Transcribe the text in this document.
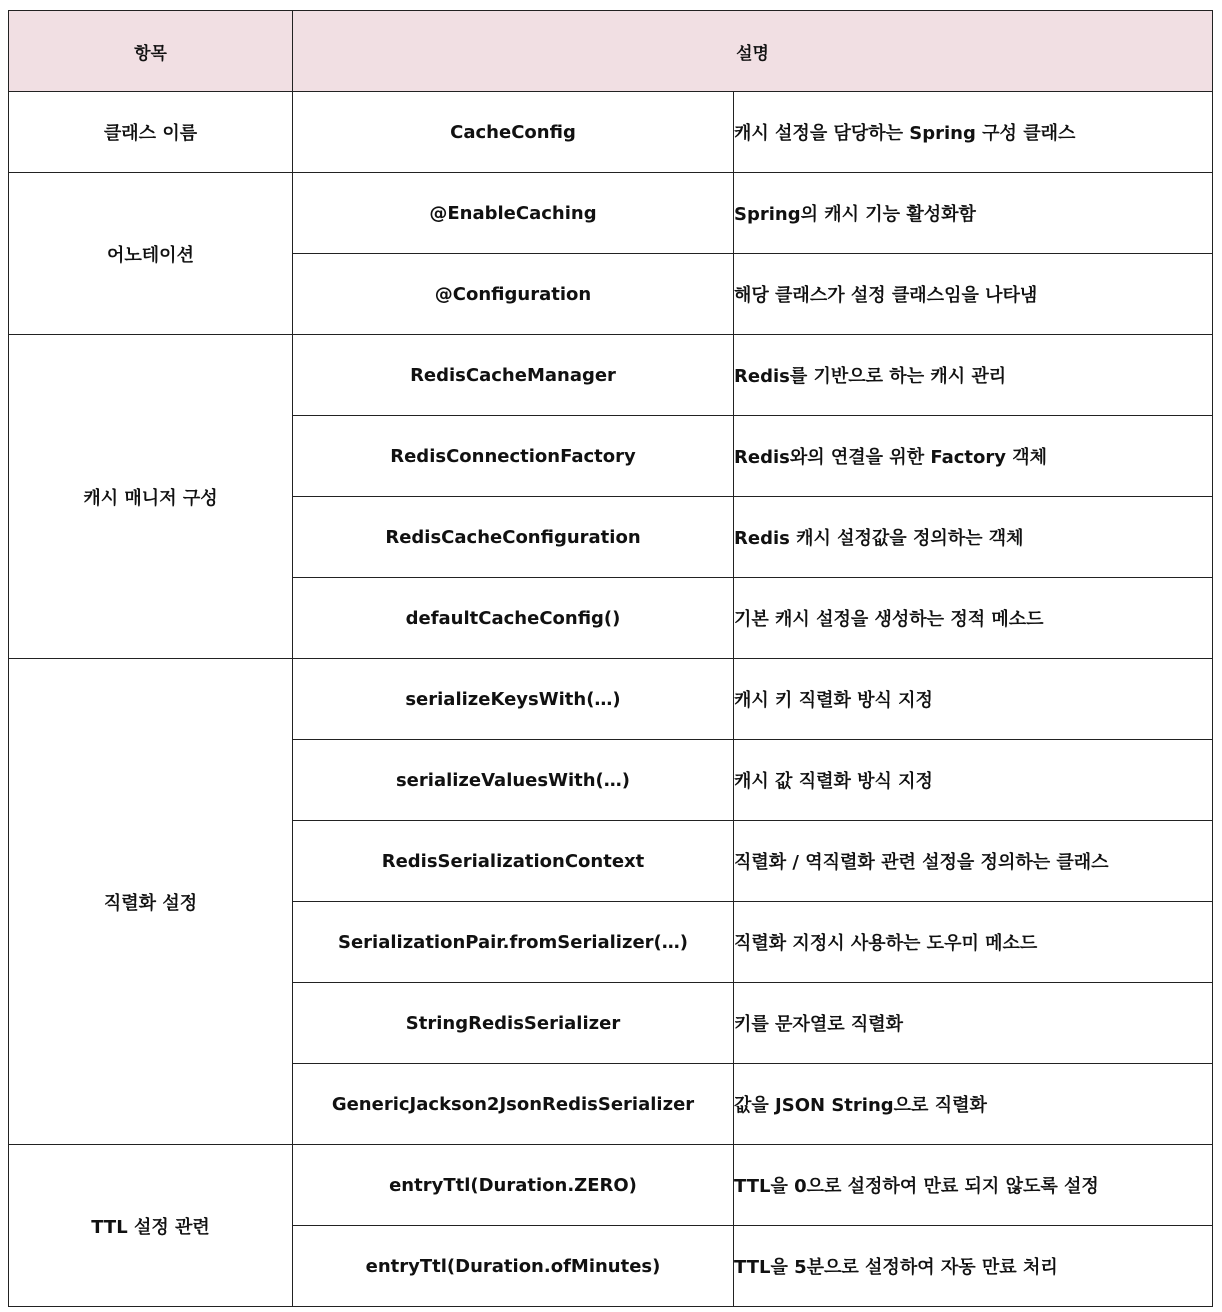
항목	설명	
클래스 이름	CacheConfig	캐시 설정을 담당하는 Spring 구성 클래스
어노테이션	@EnableCaching	Spring의 캐시 기능 활성화함
	@Configuration	해당 클래스가 설정 클래스임을 나타냄
캐시 매니저 구성	RedisCacheManager	Redis를 기반으로 하는 캐시 관리
	RedisConnectionFactory	Redis와의 연결을 위한 Factory 객체
	RedisCacheConfiguration	Redis 캐시 설정값을 정의하는 객체
	defaultCacheConfig()	기본 캐시 설정을 생성하는 정적 메소드
직렬화 설정	serializeKeysWith(…)	캐시 키 직렬화 방식 지정
	serializeValuesWith(…)	캐시 값 직렬화 방식 지정
	RedisSerializationContext	직렬화 / 역직렬화 관련 설정을 정의하는 클래스
	SerializationPair.fromSerializer(…)	직렬화 지정시 사용하는 도우미 메소드
	StringRedisSerializer	키를 문자열로 직렬화
	GenericJackson2JsonRedisSerializer	값을 JSON String으로 직렬화
TTL 설정 관련	entryTtl(Duration.ZERO)	TTL을 0으로 설정하여 만료 되지 않도록 설정
	entryTtl(Duration.ofMinutes)	TTL을 5분으로 설정하여 자동 만료 처리
